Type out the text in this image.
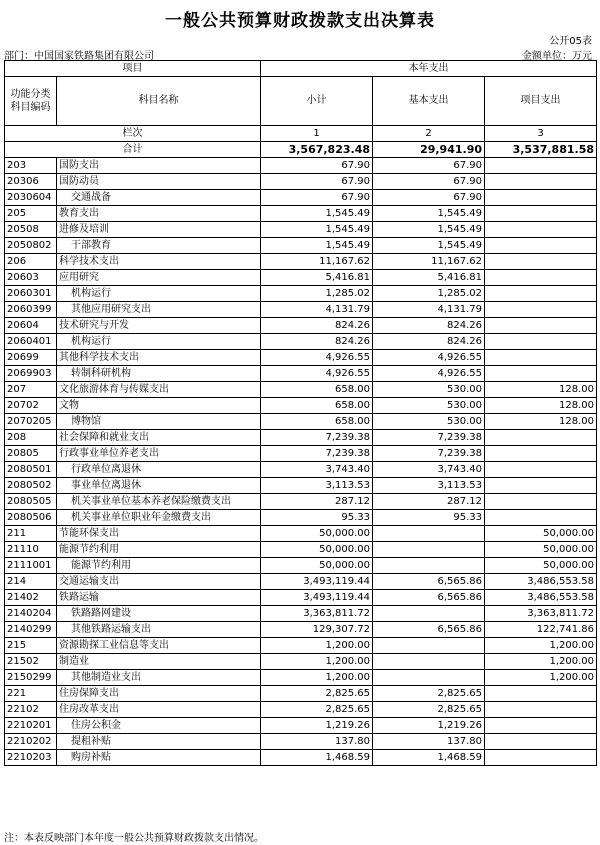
一般公共预算财政拨款支出决算表
公开05表
部门：中国国家铁路集团有限公司	金额单位：万元
项目		本年支出		
功能分类科目编码	科目名称	小计	基本支出	项目支出
栏次		1	2	3
合计		3,567,823.48	29,941.90	3,537,881.58
203	国防支出	67.90	67.90	
20306	国防动员	67.90	67.90	
2030604	交通战备	67.90	67.90	
205	教育支出	1,545.49	1,545.49	
20508	进修及培训	1,545.49	1,545.49	
2050802	干部教育	1,545.49	1,545.49	
206	科学技术支出	11,167.62	11,167.62	
20603	应用研究	5,416.81	5,416.81	
2060301	机构运行	1,285.02	1,285.02	
2060399	其他应用研究支出	4,131.79	4,131.79	
20604	技术研究与开发	824.26	824.26	
2060401	机构运行	824.26	824.26	
20699	其他科学技术支出	4,926.55	4,926.55	
2069903	转制科研机构	4,926.55	4,926.55	
207	文化旅游体育与传媒支出	658.00	530.00	128.00
20702	文物	658.00	530.00	128.00
2070205	博物馆	658.00	530.00	128.00
208	社会保障和就业支出	7,239.38	7,239.38	
20805	行政事业单位养老支出	7,239.38	7,239.38	
2080501	行政单位离退休	3,743.40	3,743.40	
2080502	事业单位离退休	3,113.53	3,113.53	
2080505	机关事业单位基本养老保险缴费支出	287.12	287.12	
2080506	机关事业单位职业年金缴费支出	95.33	95.33	
211	节能环保支出	50,000.00		50,000.00
21110	能源节约利用	50,000.00		50,000.00
2111001	能源节约利用	50,000.00		50,000.00
214	交通运输支出	3,493,119.44	6,565.86	3,486,553.58
21402	铁路运输	3,493,119.44	6,565.86	3,486,553.58
2140204	铁路路网建设	3,363,811.72		3,363,811.72
2140299	其他铁路运输支出	129,307.72	6,565.86	122,741.86
215	资源勘探工业信息等支出	1,200.00		1,200.00
21502	制造业	1,200.00		1,200.00
2150299	其他制造业支出	1,200.00		1,200.00
221	住房保障支出	2,825.65	2,825.65	
22102	住房改革支出	2,825.65	2,825.65	
2210201	住房公积金	1,219.26	1,219.26	
2210202	提租补贴	137.80	137.80	
2210203	购房补贴	1,468.59	1,468.59	
注：本表反映部门本年度一般公共预算财政拨款支出情况。
